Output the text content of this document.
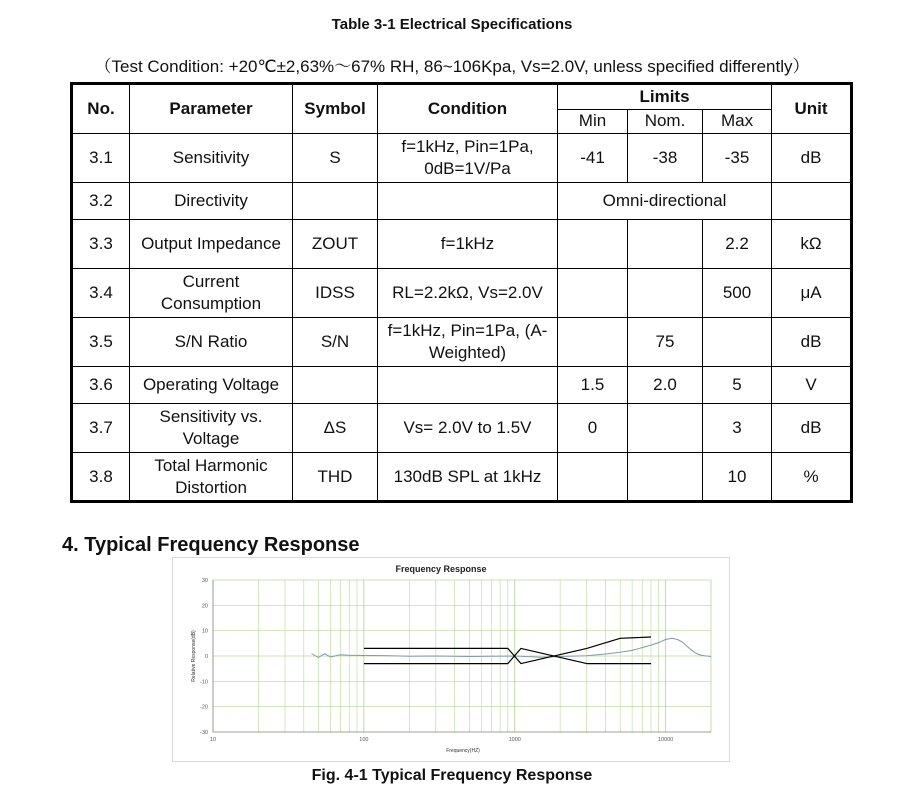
Table 3-1 Electrical Specifications
（Test Condition: +20℃±2,63%～67% RH, 86~106Kpa, Vs=2.0V, unless specified differently）
No.	Parameter	Symbol	Condition	Limits			Unit
				Min	Nom.	Max	
3.1	Sensitivity	S	f=1kHz, Pin=1Pa, 0dB=1V/Pa	-41	-38	-35	dB
3.2	Directivity			Omni-directional			
3.3	Output Impedance	ZOUT	f=1kHz			2.2	kΩ
3.4	Current Consumption	IDSS	RL=2.2kΩ, Vs=2.0V			500	μA
3.5	S/N Ratio	S/N	f=1kHz, Pin=1Pa, (A-Weighted)		75		dB
3.6	Operating Voltage			1.5	2.0	5	V
3.7	Sensitivity vs. Voltage	ΔS	Vs= 2.0V to 1.5V	0		3	dB
3.8	Total Harmonic Distortion	THD	130dB SPL at 1kHz			10	%
4. Typical Frequency Response
Frequency Response
30
20
10
0
-10
-20
-30
10	100	1000	10000
Frequency(HZ)
Relative Response(dB)
Fig. 4-1 Typical Frequency Response
